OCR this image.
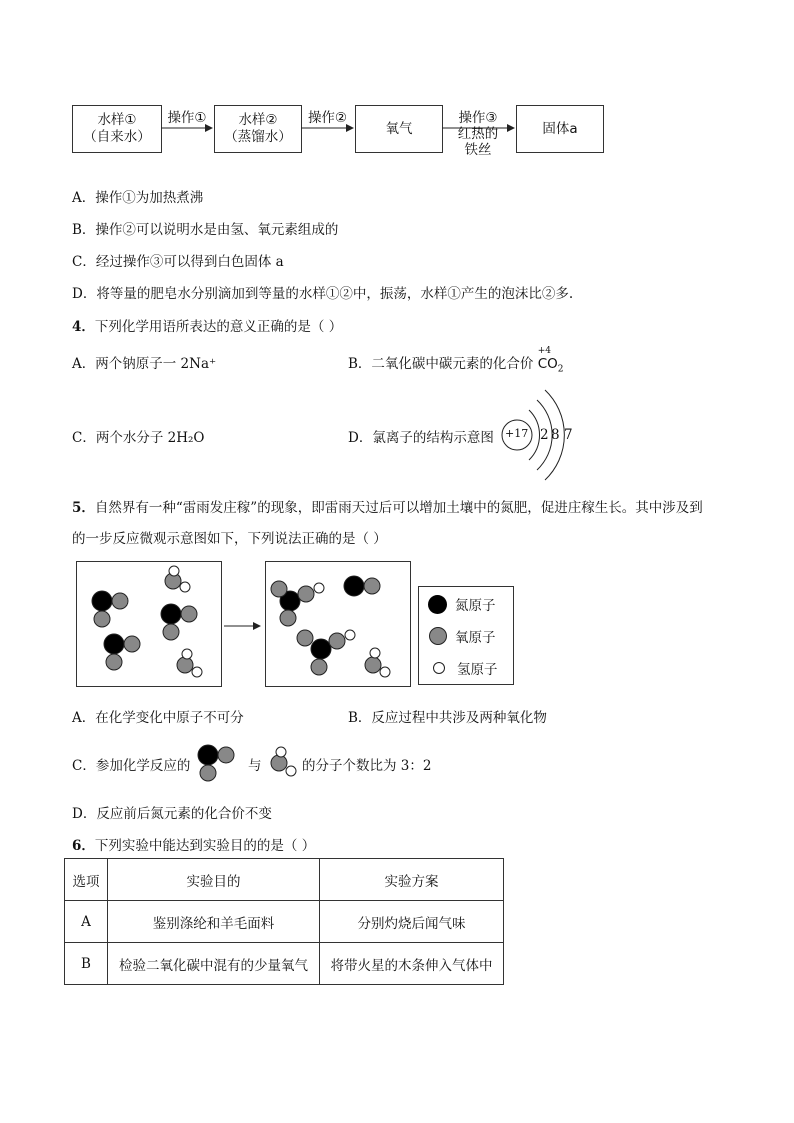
水样①
（自来水）
水样②
（蒸馏水）
氧气	固体a
操作①	操作②	操作③
红热的
铁丝
A．操作①为加热煮沸
B．操作②可以说明水是由氢、氧元素组成的
C．经过操作③可以得到白色固体 a
D．将等量的肥皂水分别滴加到等量的水样①②中，振荡，水样①产生的泡沫比②多.
4．下列化学用语所表达的意义正确的是（ ）
A．两个钠原子一 2Na⁺	B．二氧化碳中碳元素的化合价
+4
$CO_2$
C．两个水分子 2H₂O	D．氯离子的结构示意图 +17 2 8 7
5．自然界有一种“雷雨发庄稼”的现象，即雷雨天过后可以增加土壤中的氮肥，促进庄稼生长。其中涉及到
的一步反应微观示意图如下，下列说法正确的是（ ）
氮原子
氧原子
氢原子
A．在化学变化中原子不可分	B．反应过程中共涉及两种氧化物
C．参加化学反应的	与	的分子个数比为 3：2
D．反应前后氮元素的化合价不变
6．下列实验中能达到实验目的的是（ ）
选项	实验目的	实验方案
A	鉴别涤纶和羊毛面料	分别灼烧后闻气味
B	检验二氧化碳中混有的少量氧气	将带火星的木条伸入气体中
